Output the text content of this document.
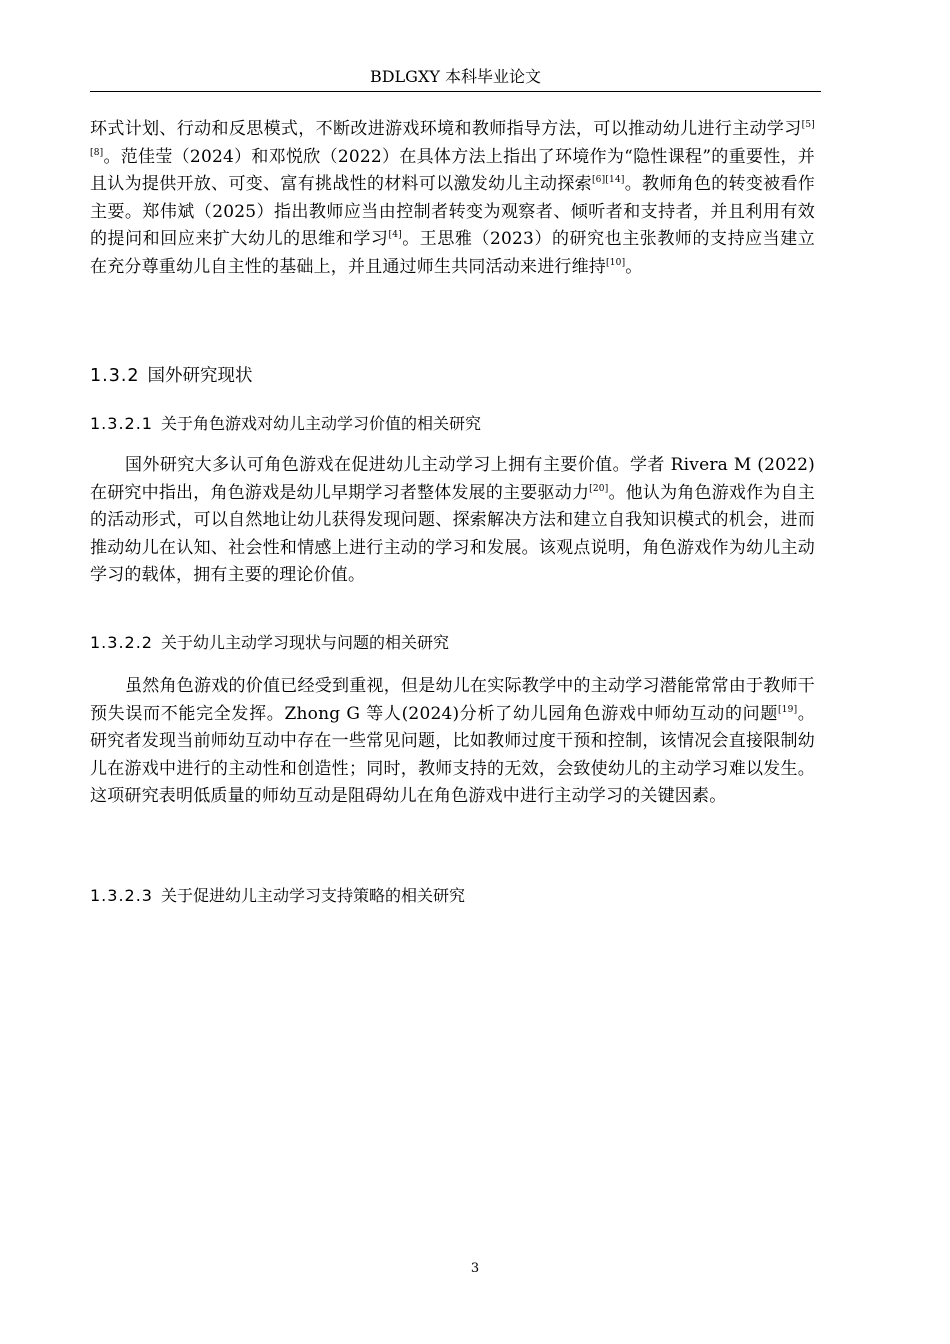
BDLGXY 本科毕业论文
环式计划、行动和反思模式，不断改进游戏环境和教师指导方法，可以推动幼儿进行主动学习[5][8]。范佳莹（2024）和邓悦欣（2022）在具体方法上指出了环境作为“隐性课程”的重要性，并且认为提供开放、可变、富有挑战性的材料可以激发幼儿主动探索[6][14]。教师角色的转变被看作主要。郑伟斌（2025）指出教师应当由控制者转变为观察者、倾听者和支持者，并且利用有效的提问和回应来扩大幼儿的思维和学习[4]。王思雅（2023）的研究也主张教师的支持应当建立在充分尊重幼儿自主性的基础上，并且通过师生共同活动来进行维持[10]。
1.3.2 国外研究现状
1.3.2.1 关于角色游戏对幼儿主动学习价值的相关研究
国外研究大多认可角色游戏在促进幼儿主动学习上拥有主要价值。学者 Rivera M (2022)在研究中指出，角色游戏是幼儿早期学习者整体发展的主要驱动力[20]。他认为角色游戏作为自主的活动形式，可以自然地让幼儿获得发现问题、探索解决方法和建立自我知识模式的机会，进而推动幼儿在认知、社会性和情感上进行主动的学习和发展。该观点说明，角色游戏作为幼儿主动学习的载体，拥有主要的理论价值。
1.3.2.2 关于幼儿主动学习现状与问题的相关研究
虽然角色游戏的价值已经受到重视，但是幼儿在实际教学中的主动学习潜能常常由于教师干预失误而不能完全发挥。Zhong G 等人(2024)分析了幼儿园角色游戏中师幼互动的问题[19]。研究者发现当前师幼互动中存在一些常见问题，比如教师过度干预和控制，该情况会直接限制幼儿在游戏中进行的主动性和创造性；同时，教师支持的无效，会致使幼儿的主动学习难以发生。这项研究表明低质量的师幼互动是阻碍幼儿在角色游戏中进行主动学习的关键因素。
1.3.2.3 关于促进幼儿主动学习支持策略的相关研究
3
